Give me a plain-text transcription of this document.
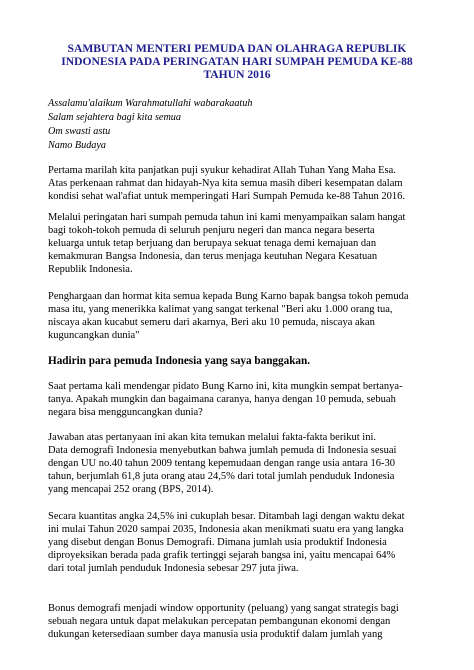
SAMBUTAN MENTERI PEMUDA DAN OLAHRAGA REPUBLIK INDONESIA PADA PERINGATAN HARI SUMPAH PEMUDA KE-88 TAHUN 2016
Assalamu'alaikum Warahmatullahi wabarakaatuh
Salam sejahtera bagi kita semua
Om swasti astu
Namo Budaya
Pertama marilah kita panjatkan puji syukur kehadirat Allah Tuhan Yang Maha Esa.
Atas perkenaan rahmat dan hidayah-Nya kita semua masih diberi kesempatan dalam
kondisi sehat wal'afiat untuk memperingati Hari Sumpah Pemuda ke-88 Tahun 2016.
Melalui peringatan hari sumpah pemuda tahun ini kami menyampaikan salam hangat
bagi tokoh-tokoh pemuda di seluruh penjuru negeri dan manca negara beserta
keluarga untuk tetap berjuang dan berupaya sekuat tenaga demi kemajuan dan
kemakmuran Bangsa Indonesia, dan terus menjaga keutuhan Negara Kesatuan
Republik Indonesia.
Penghargaan dan hormat kita semua kepada Bung Karno bapak bangsa tokoh pemuda
masa itu, yang menerikka kalimat yang sangat terkenal "Beri aku 1.000 orang tua,
niscaya akan kucabut semeru dari akarnya, Beri aku 10 pemuda, niscaya akan
kuguncangkan dunia"
Hadirin para pemuda Indonesia yang saya banggakan.
Saat pertama kali mendengar pidato Bung Karno ini, kita mungkin sempat bertanya-
tanya. Apakah mungkin dan bagaimana caranya, hanya dengan 10 pemuda, sebuah
negara bisa mengguncangkan dunia?
Jawaban atas pertanyaan ini akan kita temukan melalui fakta-fakta berikut ini.
Data demografi Indonesia menyebutkan bahwa jumlah pemuda di Indonesia sesuai
dengan UU no.40 tahun 2009 tentang kepemudaan dengan range usia antara 16-30
tahun, berjumlah 61,8 juta orang atau 24,5% dari total jumlah penduduk Indonesia
yang mencapai 252 orang (BPS, 2014).
Secara kuantitas angka 24,5% ini cukuplah besar. Ditambah lagi dengan waktu dekat
ini mulai Tahun 2020 sampai 2035, Indonesia akan menikmati suatu era yang langka
yang disebut dengan Bonus Demografi. Dimana jumlah usia produktif Indonesia
diproyeksikan berada pada grafik tertinggi sejarah bangsa ini, yaitu mencapai 64%
dari total jumlah penduduk Indonesia sebesar 297 juta jiwa.
Bonus demografi menjadi window opportunity (peluang) yang sangat strategis bagi
sebuah negara untuk dapat melakukan percepatan pembangunan ekonomi dengan
dukungan ketersediaan sumber daya manusia usia produktif dalam jumlah yang
